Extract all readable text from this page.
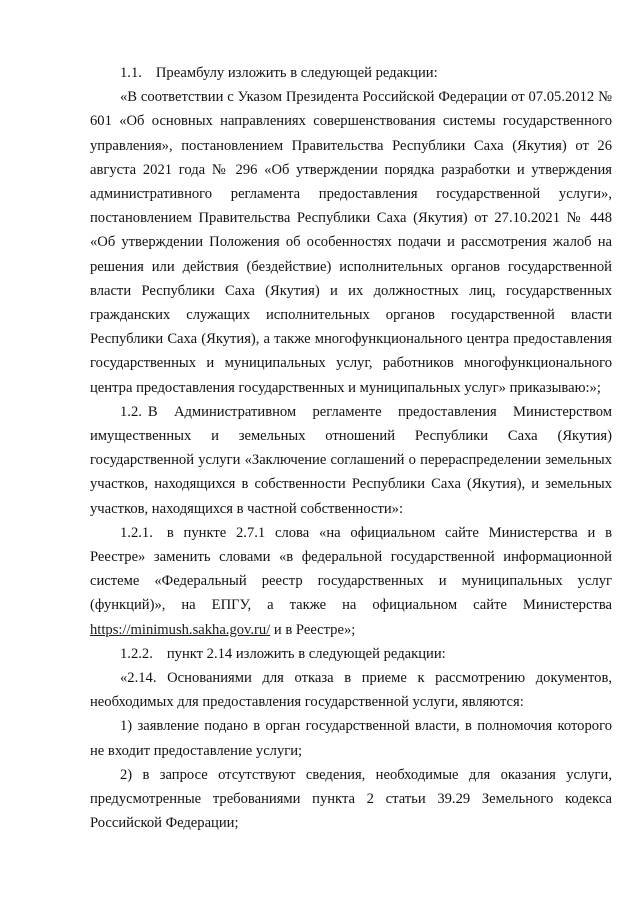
1.1. Преамбулу изложить в следующей редакции:

«В соответствии с Указом Президента Российской Федерации от 07.05.2012 № 601 «Об основных направлениях совершенствования системы государственного управления», постановлением Правительства Республики Саха (Якутия) от 26 августа 2021 года № 296 «Об утверждении порядка разработки и утверждения административного регламента предоставления государственной услуги», постановлением Правительства Республики Саха (Якутия) от 27.10.2021 № 448 «Об утверждении Положения об особенностях подачи и рассмотрения жалоб на решения или действия (бездействие) исполнительных органов государственной власти Республики Саха (Якутия) и их должностных лиц, государственных гражданских служащих исполнительных органов государственной власти Республики Саха (Якутия), а также многофункционального центра предоставления государственных и муниципальных услуг, работников многофункционального центра предоставления государственных и муниципальных услуг» приказываю:»;

1.2. В Административном регламенте предоставления Министерством имущественных и земельных отношений Республики Саха (Якутия) государственной услуги «Заключение соглашений о перераспределении земельных участков, находящихся в собственности Республики Саха (Якутия), и земельных участков, находящихся в частной собственности»:

1.2.1. в пункте 2.7.1 слова «на официальном сайте Министерства и в Реестре» заменить словами «в федеральной государственной информационной системе «Федеральный реестр государственных и муниципальных услуг (функций)», на ЕПГУ, а также на официальном сайте Министерства https://minimush.sakha.gov.ru/ и в Реестре»;

1.2.2. пункт 2.14 изложить в следующей редакции:

«2.14. Основаниями для отказа в приеме к рассмотрению документов, необходимых для предоставления государственной услуги, являются:

1) заявление подано в орган государственной власти, в полномочия которого не входит предоставление услуги;

2) в запросе отсутствуют сведения, необходимые для оказания услуги, предусмотренные требованиями пункта 2 статьи 39.29 Земельного кодекса Российской Федерации;
